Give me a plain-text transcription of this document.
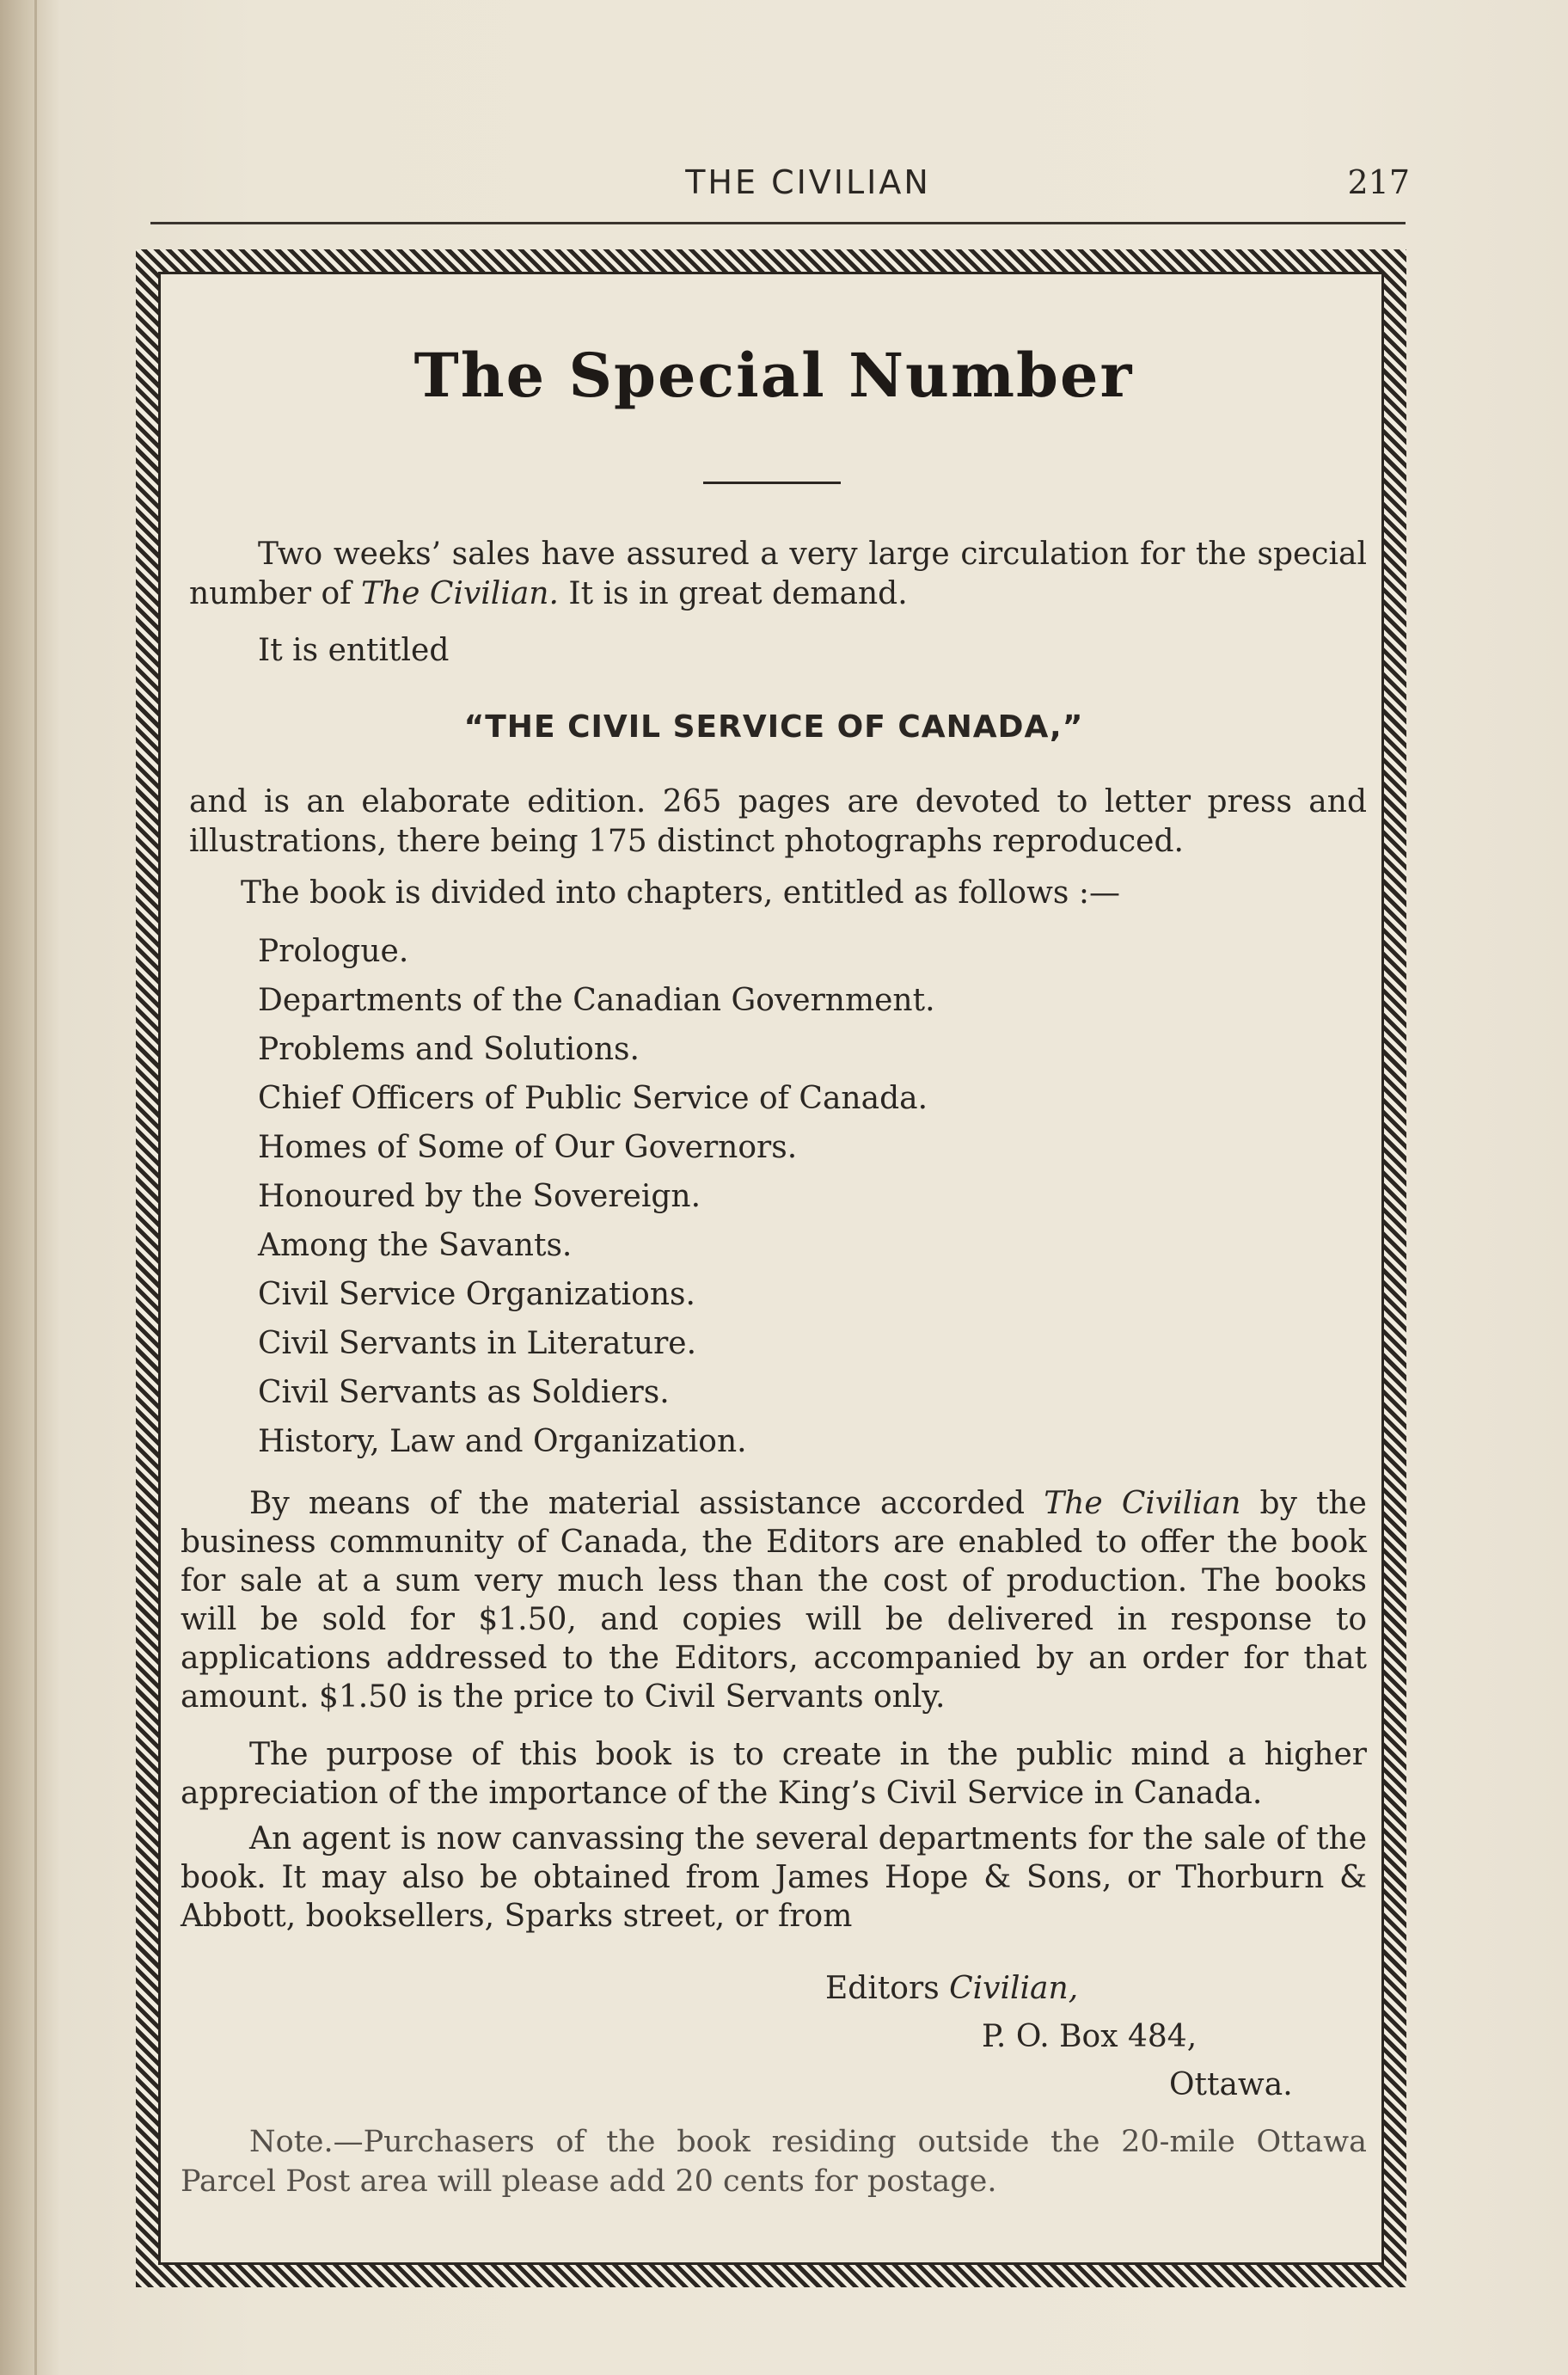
THE CIVILIAN	217
The Special Number
Two weeks’ sales have assured a very large circulation for the special number of The Civilian. It is in great demand.
It is entitled
“THE CIVIL SERVICE OF CANADA,”
and is an elaborate edition. 265 pages are devoted to letter press and illustrations, there being 175 distinct photographs reproduced.
The book is divided into chapters, entitled as follows :—
Prologue.
Departments of the Canadian Government.
Problems and Solutions.
Chief Officers of Public Service of Canada.
Homes of Some of Our Governors.
Honoured by the Sovereign.
Among the Savants.
Civil Service Organizations.
Civil Servants in Literature.
Civil Servants as Soldiers.
History, Law and Organization.
By means of the material assistance accorded The Civilian by the business community of Canada, the Editors are enabled to offer the book for sale at a sum very much less than the cost of production. The books will be sold for $1.50, and copies will be delivered in response to applications addressed to the Editors, accompanied by an order for that amount. $1.50 is the price to Civil Servants only.
The purpose of this book is to create in the public mind a higher appreciation of the importance of the King’s Civil Service in Canada.
An agent is now canvassing the several departments for the sale of the book. It may also be obtained from James Hope & Sons, or Thorburn & Abbott, booksellers, Sparks street, or from
Editors Civilian,
P. O. Box 484,
Ottawa.
Note.—Purchasers of the book residing outside the 20-mile Ottawa Parcel Post area will please add 20 cents for postage.
